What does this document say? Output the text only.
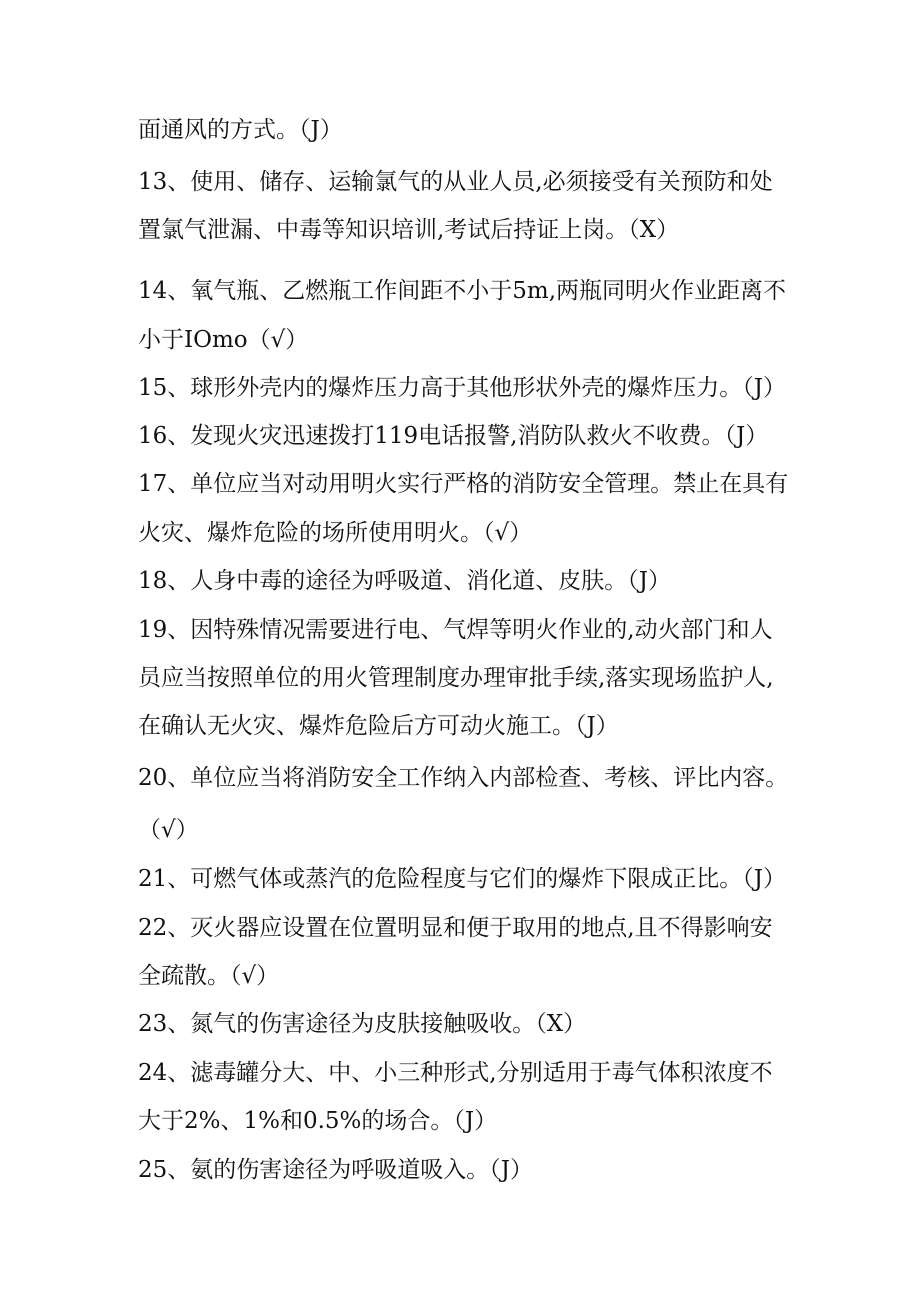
面通风的方式。（J）
13、使用、储存、运输氯气的从业人员,必须接受有关预防和处
置氯气泄漏、中毒等知识培训,考试后持证上岗。（X）
14、氧气瓶、乙燃瓶工作间距不小于5m,两瓶同明火作业距离不
小于IOmo（√）
15、球形外壳内的爆炸压力高于其他形状外壳的爆炸压力。（J）
16、发现火灾迅速拨打119电话报警,消防队救火不收费。（J）
17、单位应当对动用明火实行严格的消防安全管理。禁止在具有
火灾、爆炸危险的场所使用明火。（√）
18、人身中毒的途径为呼吸道、消化道、皮肤。（J）
19、因特殊情况需要进行电、气焊等明火作业的,动火部门和人
员应当按照单位的用火管理制度办理审批手续,落实现场监护人,
在确认无火灾、爆炸危险后方可动火施工。（J）
20、单位应当将消防安全工作纳入内部检查、考核、评比内容。
（√）
21、可燃气体或蒸汽的危险程度与它们的爆炸下限成正比。（J）
22、灭火器应设置在位置明显和便于取用的地点,且不得影响安
全疏散。（√）
23、氮气的伤害途径为皮肤接触吸收。（X）
24、滤毒罐分大、中、小三种形式,分别适用于毒气体积浓度不
大于2%、1%和0.5%的场合。（J）
25、氨的伤害途径为呼吸道吸入。（J）
